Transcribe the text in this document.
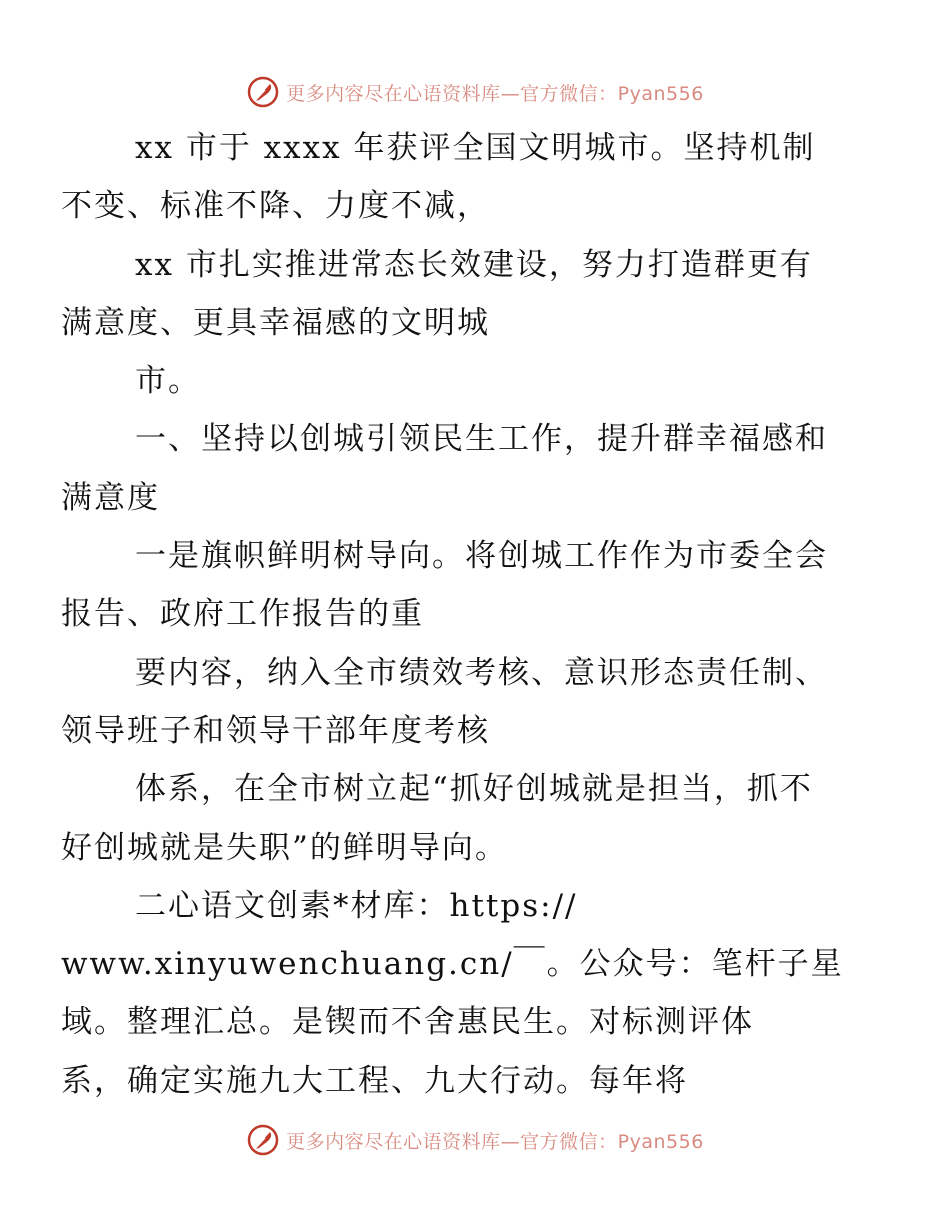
更多内容尽在心语资料库—官方微信：Pyan556

xx 市于 xxxx 年获评全国文明城市。坚持机制
不变、标准不降、力度不减，

xx 市扎实推进常态长效建设，努力打造群更有
满意度、更具幸福感的文明城

市。

一、坚持以创城引领民生工作，提升群幸福感和
满意度

一是旗帜鲜明树导向。将创城工作作为市委全会
报告、政府工作报告的重

要内容，纳入全市绩效考核、意识形态责任制、
领导班子和领导干部年度考核

体系，在全市树立起“抓好创城就是担当，抓不
好创城就是失职”的鲜明导向。

二心语文创素*材库：https://
www.xinyuwenchuang.cn/￣。公众号：笔杆子星
域。整理汇总。是锲而不舍惠民生。对标测评体
系，确定实施九大工程、九大行动。每年将

更多内容尽在心语资料库—官方微信：Pyan556
